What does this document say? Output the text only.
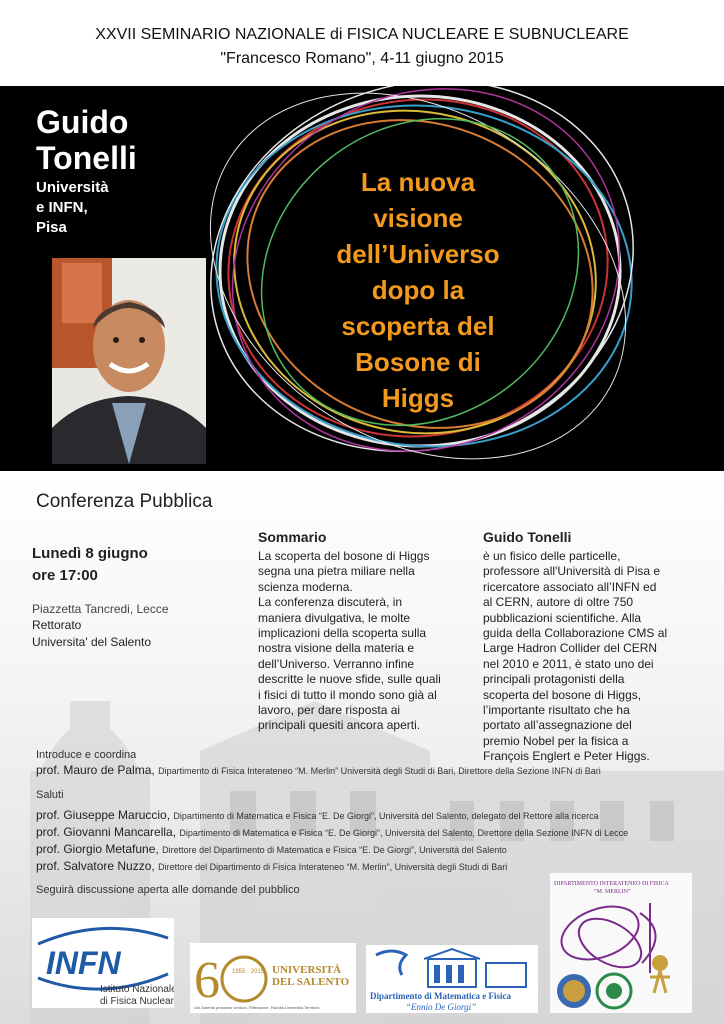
XXVII SEMINARIO NAZIONALE di FISICA NUCLEARE E SUBNUCLEARE
"Francesco Romano", 4-11 giugno 2015
Guido
Tonelli
Università
e INFN,
Pisa
La nuova
visione
dell’Universo
dopo la
scoperta del
Bosone di
Higgs
Conferenza Pubblica
Lunedì 8 giugno
ore 17:00
Piazzetta Tancredi, Lecce
Rettorato
Universita' del Salento
Sommario
La scoperta del bosone di Higgs
segna una pietra miliare nella
scienza moderna.
La conferenza discuterà, in
maniera divulgativa, le molte
implicazioni della scoperta sulla
nostra visione della materia e
dell’Universo. Verranno infine
descritte le nuove sfide, sulle quali
i fisici di tutto il mondo sono già al
lavoro, per dare risposta ai
principali quesiti ancora aperti.
Guido Tonelli
è un fisico delle particelle,
professore all'Università di Pisa e
ricercatore associato all’INFN ed
al CERN, autore di oltre 750
pubblicazioni scientifiche. Alla
guida della Collaborazione CMS al
Large Hadron Collider del CERN
nel 2010 e 2011, è stato uno dei
principali protagonisti della
scoperta del bosone di Higgs,
l’importante risultato che ha
portato all’assegnazione del
premio Nobel per la fisica a
François Englert e Peter Higgs.
Introduce e coordina
prof. Mauro de Palma, Dipartimento di Fisica Interateneo “M. Merlin” Università degli Studi di Bari, Direttore della Sezione INFN di Bari
Saluti
prof. Giuseppe Maruccio, Dipartimento di Matematica e Fisica “E. De Giorgi”, Università del Salento, delegato del Rettore alla ricerca
prof. Giovanni Mancarella, Dipartimento di Matematica e Fisica “E. De Giorgi”, Università del Salento, Direttore della Sezione INFN di Lecce
prof. Giorgio Metafune, Direttore del Dipartimento di Matematica e Fisica “E. De Giorgi”, Università del Salento
prof. Salvatore Nuzzo, Direttore del Dipartimento di Fisica Interateneo “M. Merlin”, Università degli Studi di Bari
Seguirà discussione aperta alle domande del pubblico
INFN
Istituto Nazionale
di Fisica Nucleare 6 1955 · 2015 UNIVERSITÀ
DEL SALENTO
Uni-Salento prossimo ventura. Riflessione. Facoltà Università-Territorio
Dipartimento di Matematica e Fisica
“Ennio De Giorgi”
DIPARTIMENTO INTERATENEO DI FISICA
“M. MERLIN”
